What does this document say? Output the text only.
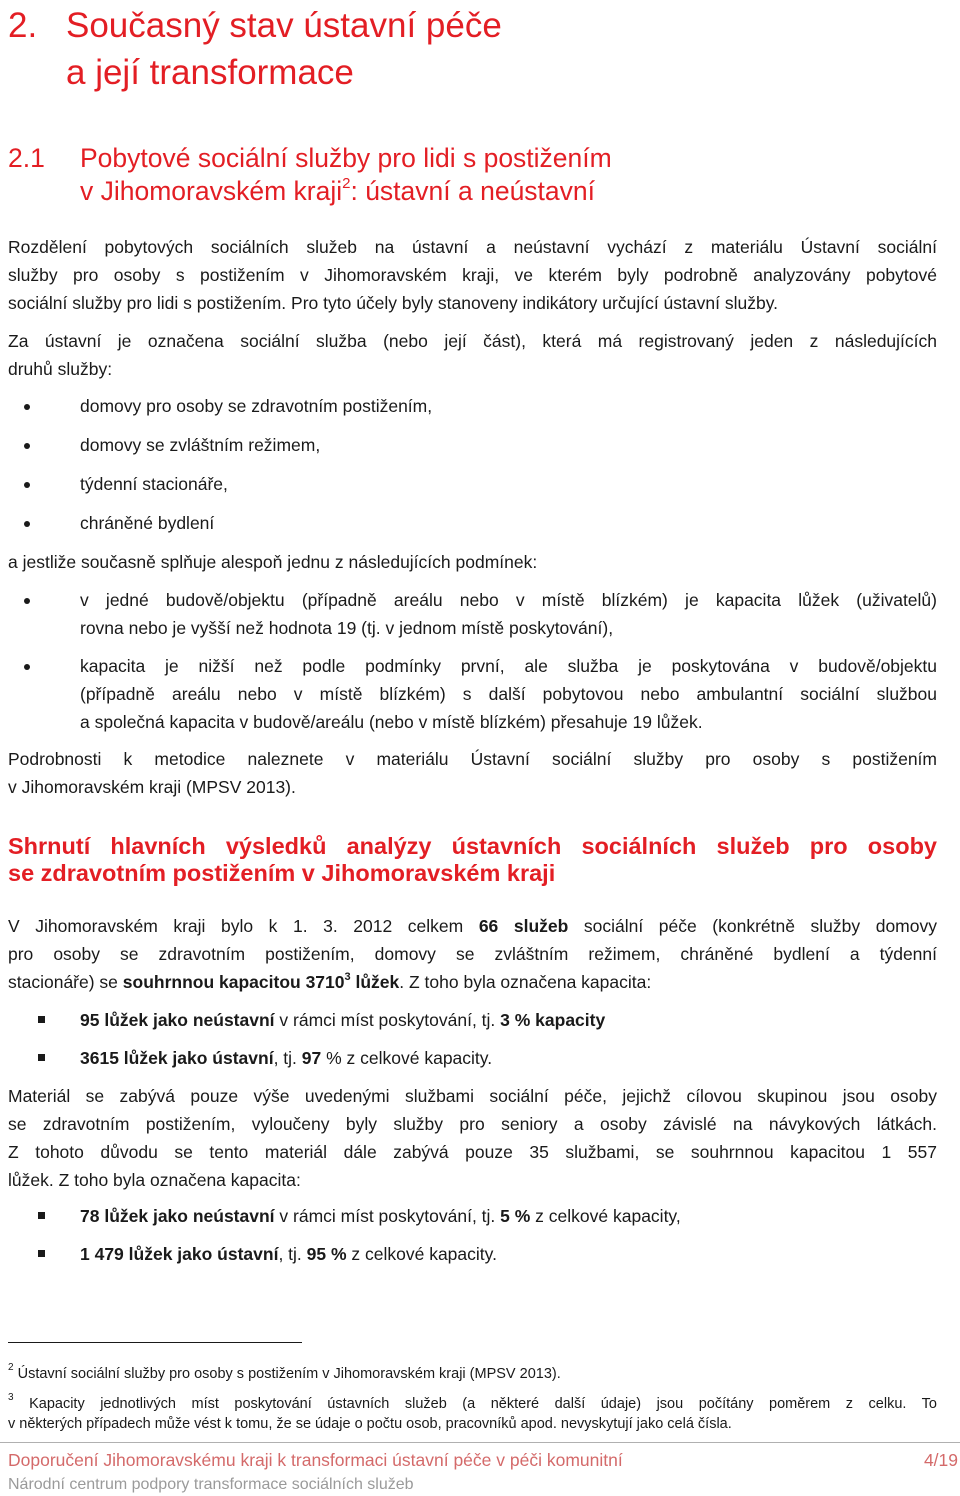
2. Současný stav ústavní péče
a její transformace
2.1 Pobytové sociální služby pro lidi s postižením
v Jihomoravském kraji$^2$: ústavní a neústavní

Rozdělení pobytových sociálních služeb na ústavní a neústavní vychází z materiálu Ústavní sociální
služby pro osoby s postižením v Jihomoravském kraji, ve kterém byly podrobně analyzovány pobytové
sociální služby pro lidi s postižením. Pro tyto účely byly stanoveny indikátory určující ústavní služby.

Za ústavní je označena sociální služba (nebo její část), která má registrovaný jeden z následujících
druhů služby:

domovy pro osoby se zdravotním postižením,
domovy se zvláštním režimem,
týdenní stacionáře,
chráněné bydlení

a jestliže současně splňuje alespoň jednu z následujících podmínek:

v jedné budově/objektu (případně areálu nebo v místě blízkém) je kapacita lůžek (uživatelů)
rovna nebo je vyšší než hodnota 19 (tj. v jednom místě poskytování),
kapacita je nižší než podle podmínky první, ale služba je poskytována v budově/objektu
(případně areálu nebo v místě blízkém) s další pobytovou nebo ambulantní sociální službou
a společná kapacita v budově/areálu (nebo v místě blízkém) přesahuje 19 lůžek.

Podrobnosti k metodice naleznete v materiálu Ústavní sociální služby pro osoby s postižením
v Jihomoravském kraji (MPSV 2013).

Shrnutí hlavních výsledků analýzy ústavních sociálních služeb pro osoby
se zdravotním postižením v Jihomoravském kraji

V Jihomoravském kraji bylo k 1. 3. 2012 celkem 66 služeb sociální péče (konkrétně služby domovy
pro osoby se zdravotním postižením, domovy se zvláštním režimem, chráněné bydlení a týdenní
stacionáře) se souhrnnou kapacitou 3710$^3$ lůžek. Z toho byla označena kapacita:

95 lůžek jako neústavní v rámci míst poskytování, tj. 3 % kapacity
3615 lůžek jako ústavní, tj. 97 % z celkové kapacity.

Materiál se zabývá pouze výše uvedenými službami sociální péče, jejichž cílovou skupinou jsou osoby
se zdravotním postižením, vyloučeny byly služby pro seniory a osoby závislé na návykových látkách.
Z tohoto důvodu se tento materiál dále zabývá pouze 35 službami, se souhrnnou kapacitou 1 557
lůžek. Z toho byla označena kapacita:

78 lůžek jako neústavní v rámci míst poskytování, tj. 5 % z celkové kapacity,
1 479 lůžek jako ústavní, tj. 95 % z celkové kapacity.

$^2$ Ústavní sociální služby pro osoby s postižením v Jihomoravském kraji (MPSV 2013).

$^3$ Kapacity jednotlivých míst poskytování ústavních služeb (a některé další údaje) jsou počítány poměrem z celku. To
v některých případech může vést k tomu, že se údaje o počtu osob, pracovníků apod. nevyskytují jako celá čísla.

Doporučení Jihomoravskému kraji k transformaci ústavní péče v péči komunitní	4/19
Národní centrum podpory transformace sociálních služeb
